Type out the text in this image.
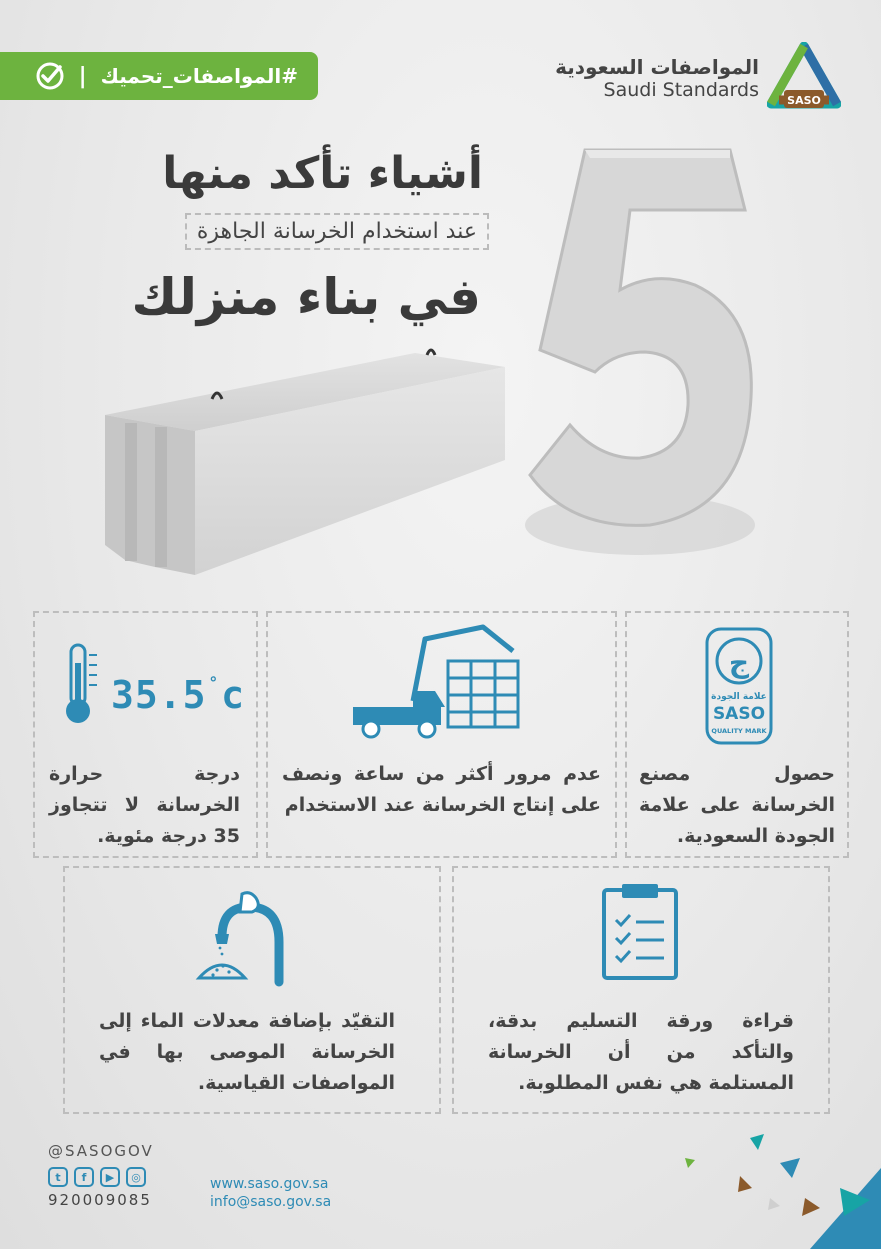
| #المواصفات_تحميك	المواصفات السعودية
Saudi Standards	SASO
أشياء تأكد منها
عند استخدام الخرسانة الجاهزة
في بناء منزلك
5
ج
علامة الجودة
SASO
QUALITY MARK
حصول مصنع الخرسانة على علامة الجودة السعودية.
عدم مرور أكثر من ساعة ونصف على إنتاج الخرسانة عند الاستخدام
35.5 °c
درجة حرارة الخرسانة لا تتجاوز 35 درجة مئوية.
قراءة ورقة التسليم بدقة، والتأكد من أن الخرسانة المستلمة هي نفس المطلوبة.
التقيّد بإضافة معدلات الماء إلى الخرسانة الموصى بها في المواصفات القياسية.
@SASOGOV
t	f	▶	◎
920009085
www.saso.gov.sa
info@saso.gov.sa
